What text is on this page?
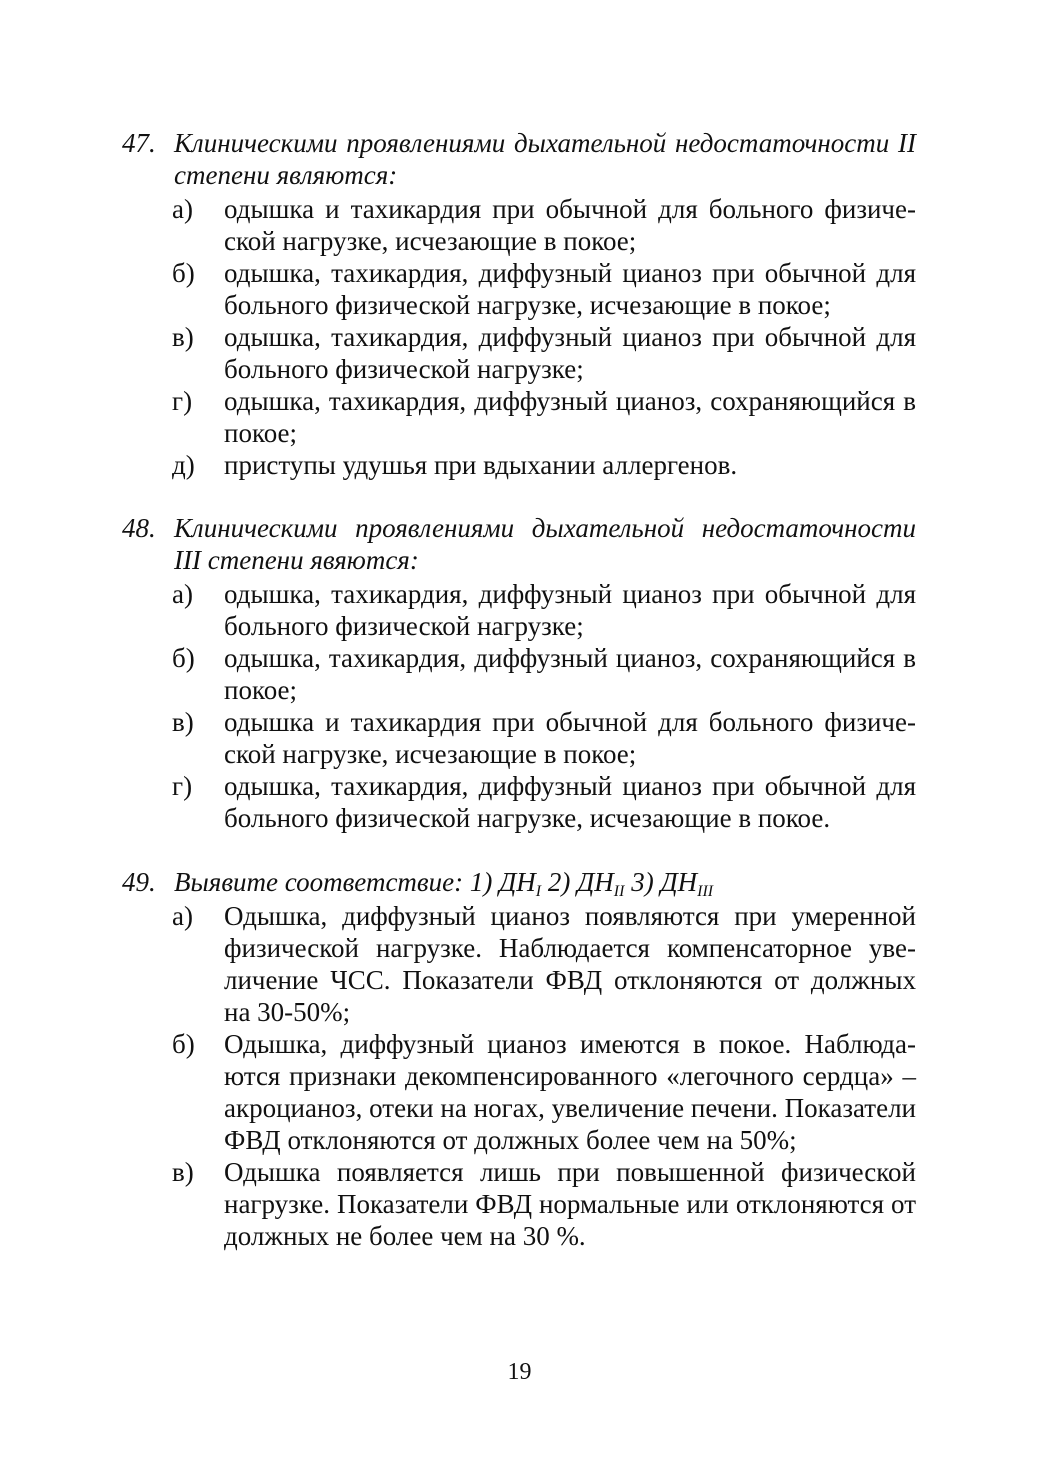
47. Клиническими проявлениями дыхательной недостаточности II степени являются:
а) одышка и тахикардия при обычной для больного физической нагрузке, исчезающие в покое;
б) одышка, тахикардия, диффузный цианоз при обычной для больного физической нагрузке, исчезающие в покое;
в) одышка, тахикардия, диффузный цианоз при обычной для больного физической нагрузке;
г) одышка, тахикардия, диффузный цианоз, сохраняющийся в покое;
д) приступы удушья при вдыхании аллергенов.
48. Клиническими проявлениями дыхательной недостаточности III степени явяются:
а) одышка, тахикардия, диффузный цианоз при обычной для больного физической нагрузке;
б) одышка, тахикардия, диффузный цианоз, сохраняющийся в покое;
в) одышка и тахикардия при обычной для больного физической нагрузке, исчезающие в покое;
г) одышка, тахикардия, диффузный цианоз при обычной для больного физической нагрузке, исчезающие в покое.
49. Выявите соответствие: 1) $ДН_I$ 2) $ДН_{II}$ 3) $ДН_{III}$
а) Одышка, диффузный цианоз появляются при умеренной физической нагрузке. Наблюдается компенсаторное увеличение ЧСС. Показатели ФВД отклоняются от должных на 30-50%;
б) Одышка, диффузный цианоз имеются в покое. Наблюдаются признаки декомпенсированного «легочного сердца» – акроцианоз, отеки на ногах, увеличение печени. Показатели ФВД отклоняются от должных более чем на 50%;
в) Одышка появляется лишь при повышенной физической нагрузке. Показатели ФВД нормальные или отклоняются от должных не более чем на 30 %.
19
